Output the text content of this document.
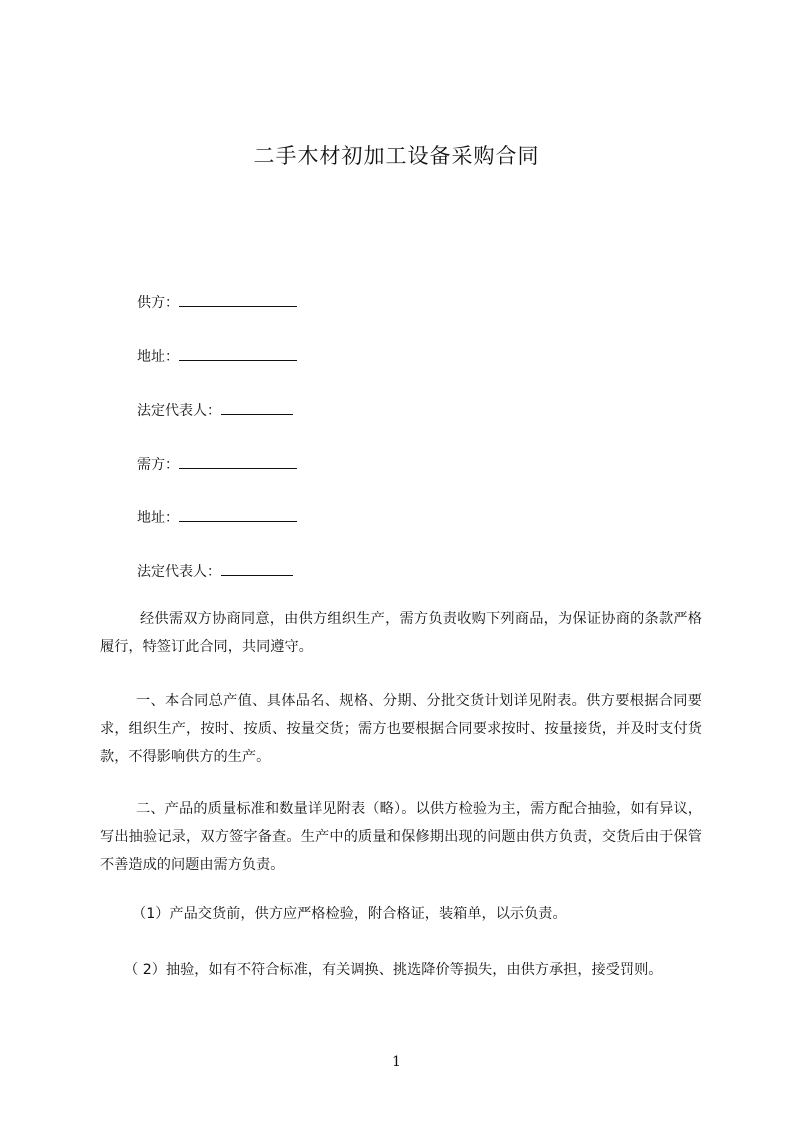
二手木材初加工设备采购合同
供方：
地址：
法定代表人：
需方：
地址：
法定代表人：

经供需双方协商同意，由供方组织生产，需方负责收购下列商品，为保证协商的条款严格履行，特签订此合同，共同遵守。

一、本合同总产值、具体品名、规格、分期、分批交货计划详见附表。供方要根据合同要求，组织生产，按时、按质、按量交货；需方也要根据合同要求按时、按量接货，并及时支付货款，不得影响供方的生产。

二、产品的质量标准和数量详见附表（略）。以供方检验为主，需方配合抽验，如有异议，写出抽验记录，双方签字备查。生产中的质量和保修期出现的问题由供方负责，交货后由于保管不善造成的问题由需方负责。

（1）产品交货前，供方应严格检验，附合格证，装箱单，以示负责。

（ 2）抽验，如有不符合标准，有关调换、挑选降价等损失，由供方承担，接受罚则。

1
